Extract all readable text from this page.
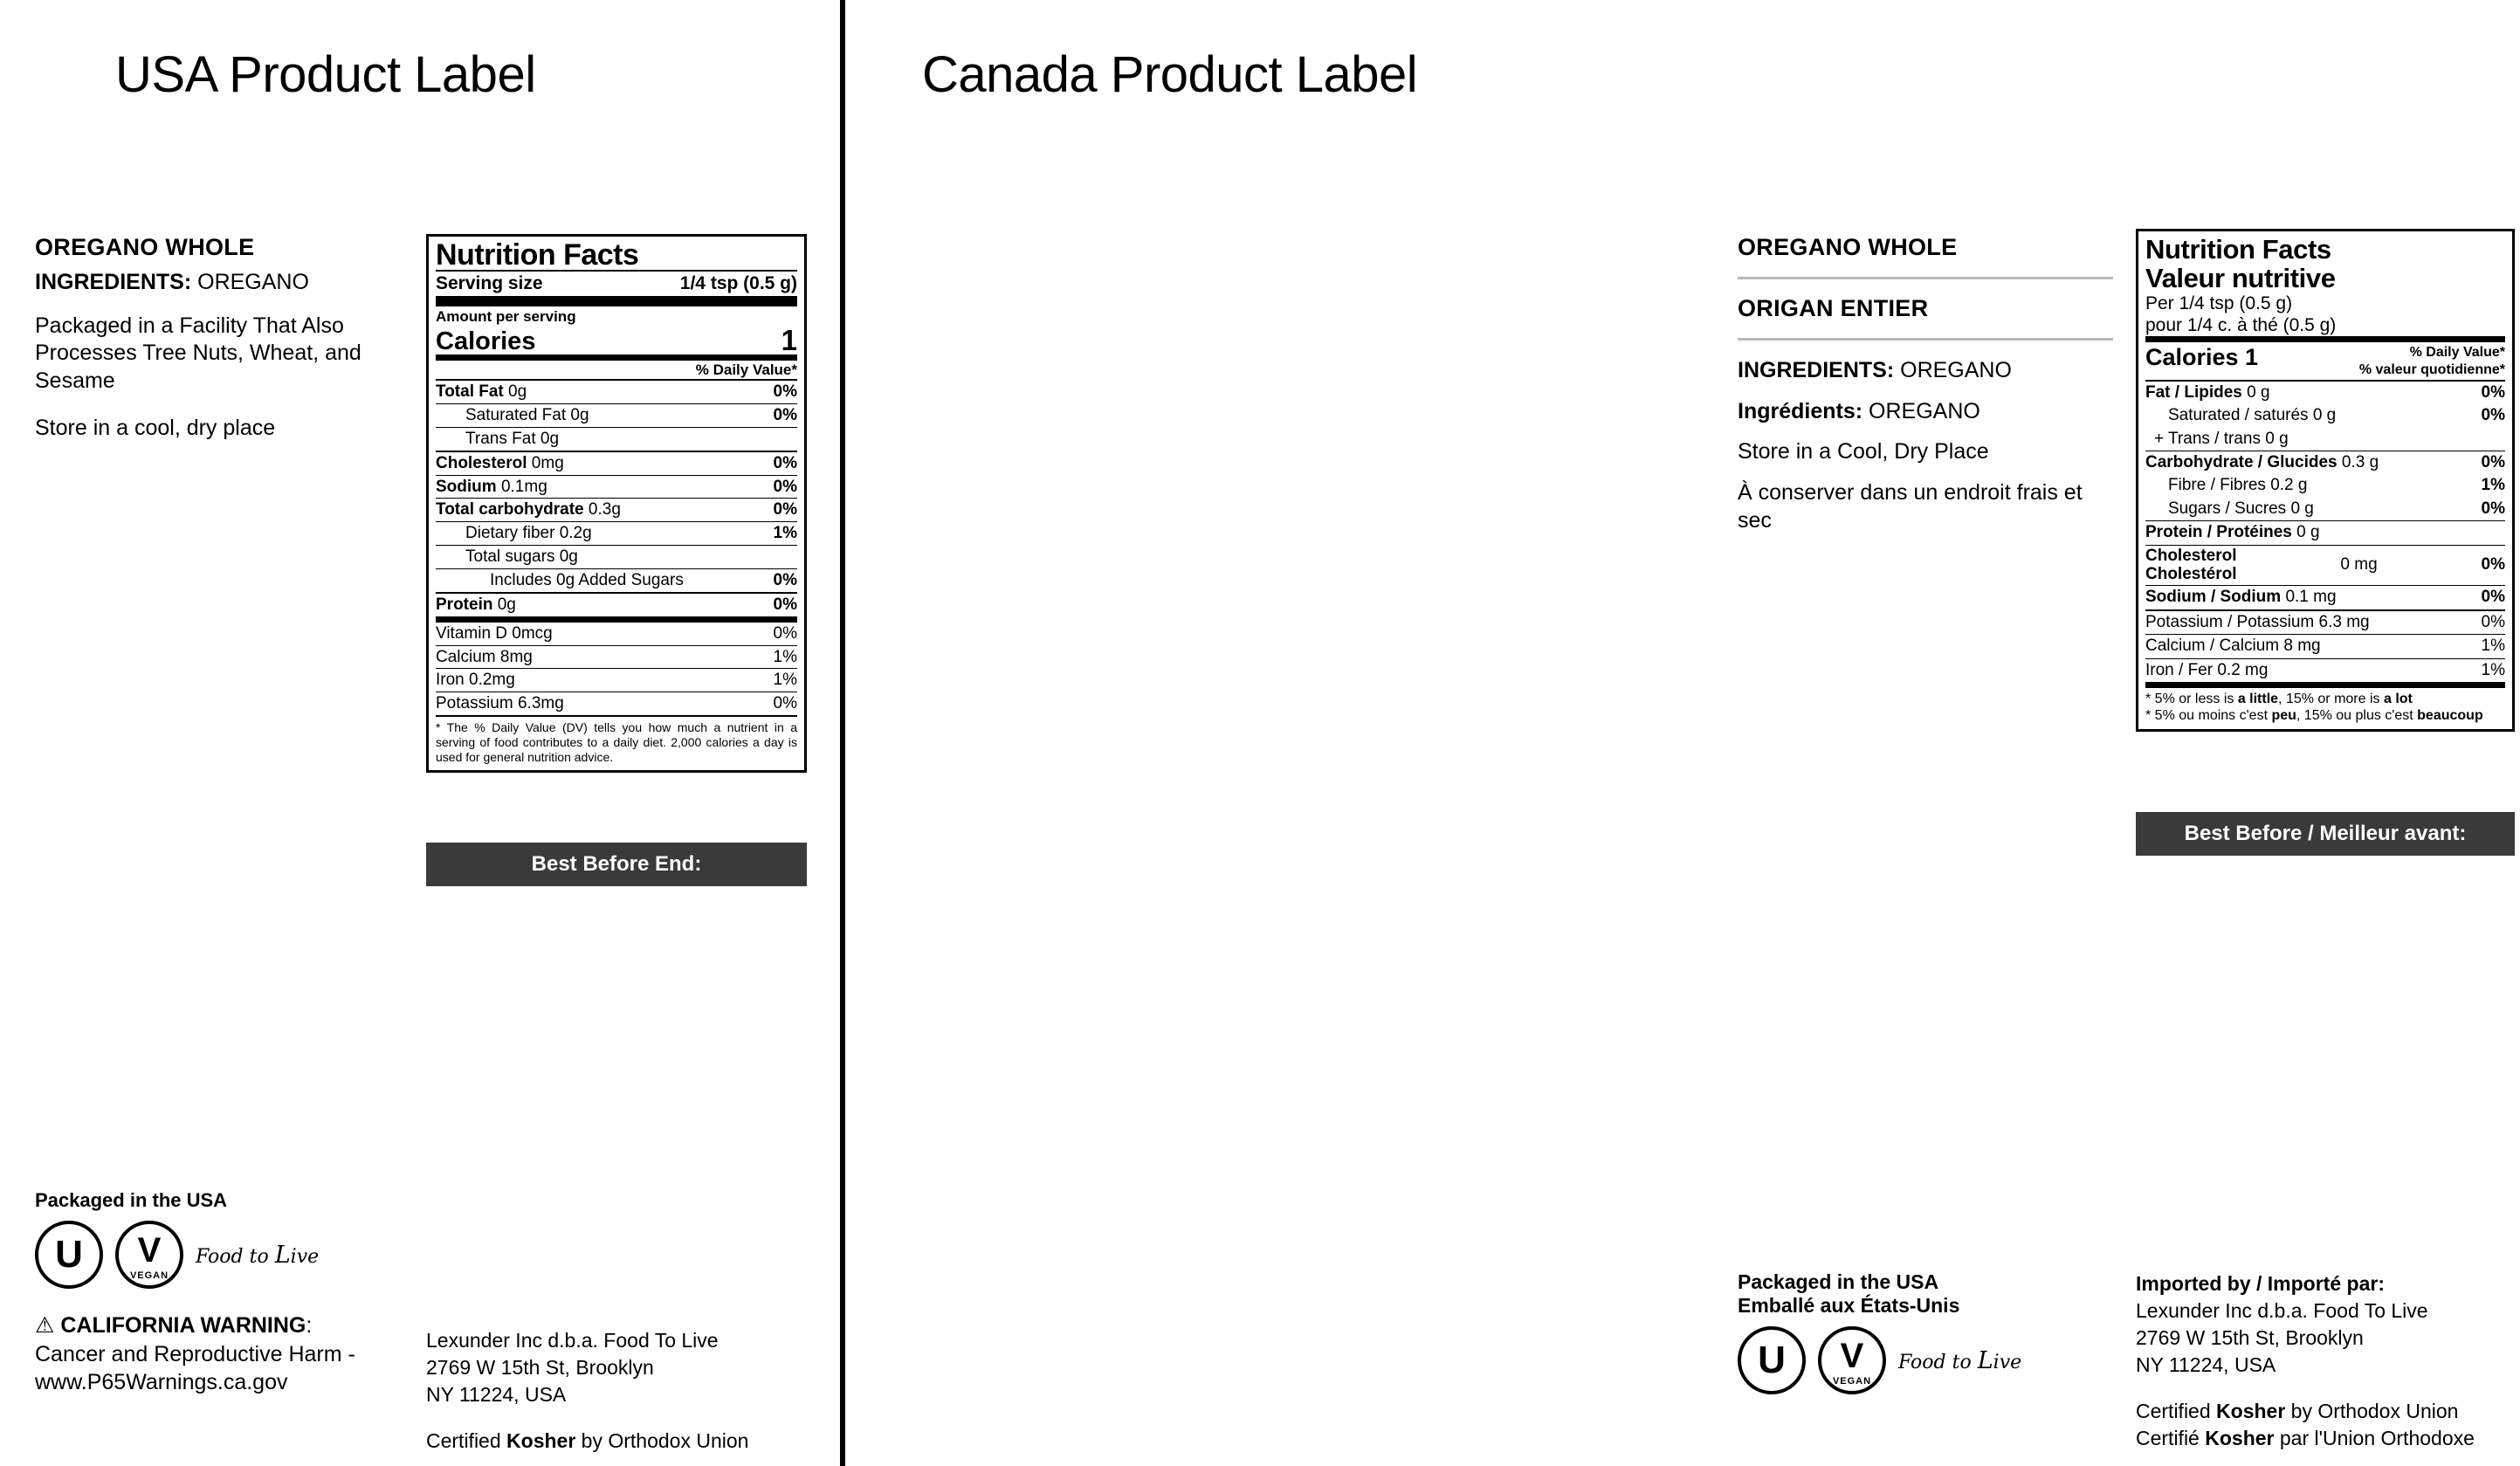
USA Product Label
OREGANO WHOLE
INGREDIENTS: OREGANO
Packaged in a Facility That Also Processes Tree Nuts, Wheat, and Sesame
Store in a cool, dry place
Nutrition Facts
Serving size	1/4 tsp (0.5 g)
Amount per serving
Calories	1
% Daily Value*
Total Fat 0g	0%
Saturated Fat 0g	0%
Trans Fat 0g
Cholesterol 0mg	0%
Sodium 0.1mg	0%
Total carbohydrate 0.3g	0%
Dietary fiber 0.2g	1%
Total sugars 0g
Includes 0g Added Sugars	0%
Protein 0g	0%
Vitamin D 0mcg	0%
Calcium 8mg	1%
Iron 0.2mg	1%
Potassium 6.3mg	0%
* The % Daily Value (DV) tells you how much a nutrient in a serving of food contributes to a daily diet. 2,000 calories a day is used for general nutrition advice.
Best Before End:
Packaged in the USA
U V
VEGAN
Food to Live
⚠ CALIFORNIA WARNING:
Cancer and Reproductive Harm - www.P65Warnings.ca.gov
Lexunder Inc d.b.a. Food To Live
2769 W 15th St, Brooklyn
NY 11224, USA
Certified Kosher by Orthodox Union
Canada Product Label
OREGANO WHOLE
ORIGAN ENTIER
INGREDIENTS: OREGANO
Ingrédients: OREGANO
Store in a Cool, Dry Place
À conserver dans un endroit frais et sec
Nutrition Facts
Valeur nutritive
Per 1/4 tsp (0.5 g)
pour 1/4 c. à thé (0.5 g)
Calories 1	% Daily Value*
% valeur quotidienne*
Fat / Lipides 0 g	0%
Saturated / saturés 0 g	0%
+ Trans / trans 0 g
Carbohydrate / Glucides 0.3 g	0%
Fibre / Fibres 0.2 g	1%
Sugars / Sucres 0 g	0%
Protein / Protéines 0 g
Cholesterol
Cholestérol	0 mg	0%
Sodium / Sodium 0.1 mg	0%
Potassium / Potassium 6.3 mg	0%
Calcium / Calcium 8 mg	1%
Iron / Fer 0.2 mg	1%
* 5% or less is a little, 15% or more is a lot
* 5% ou moins c'est peu, 15% ou plus c'est beaucoup
Best Before / Meilleur avant:
Packaged in the USA
Emballé aux États-Unis
U V
VEGAN
Food to Live
Imported by / Importé par:
Lexunder Inc d.b.a. Food To Live
2769 W 15th St, Brooklyn
NY 11224, USA
Certified Kosher by Orthodox Union
Certifié Kosher par l'Union Orthodoxe
